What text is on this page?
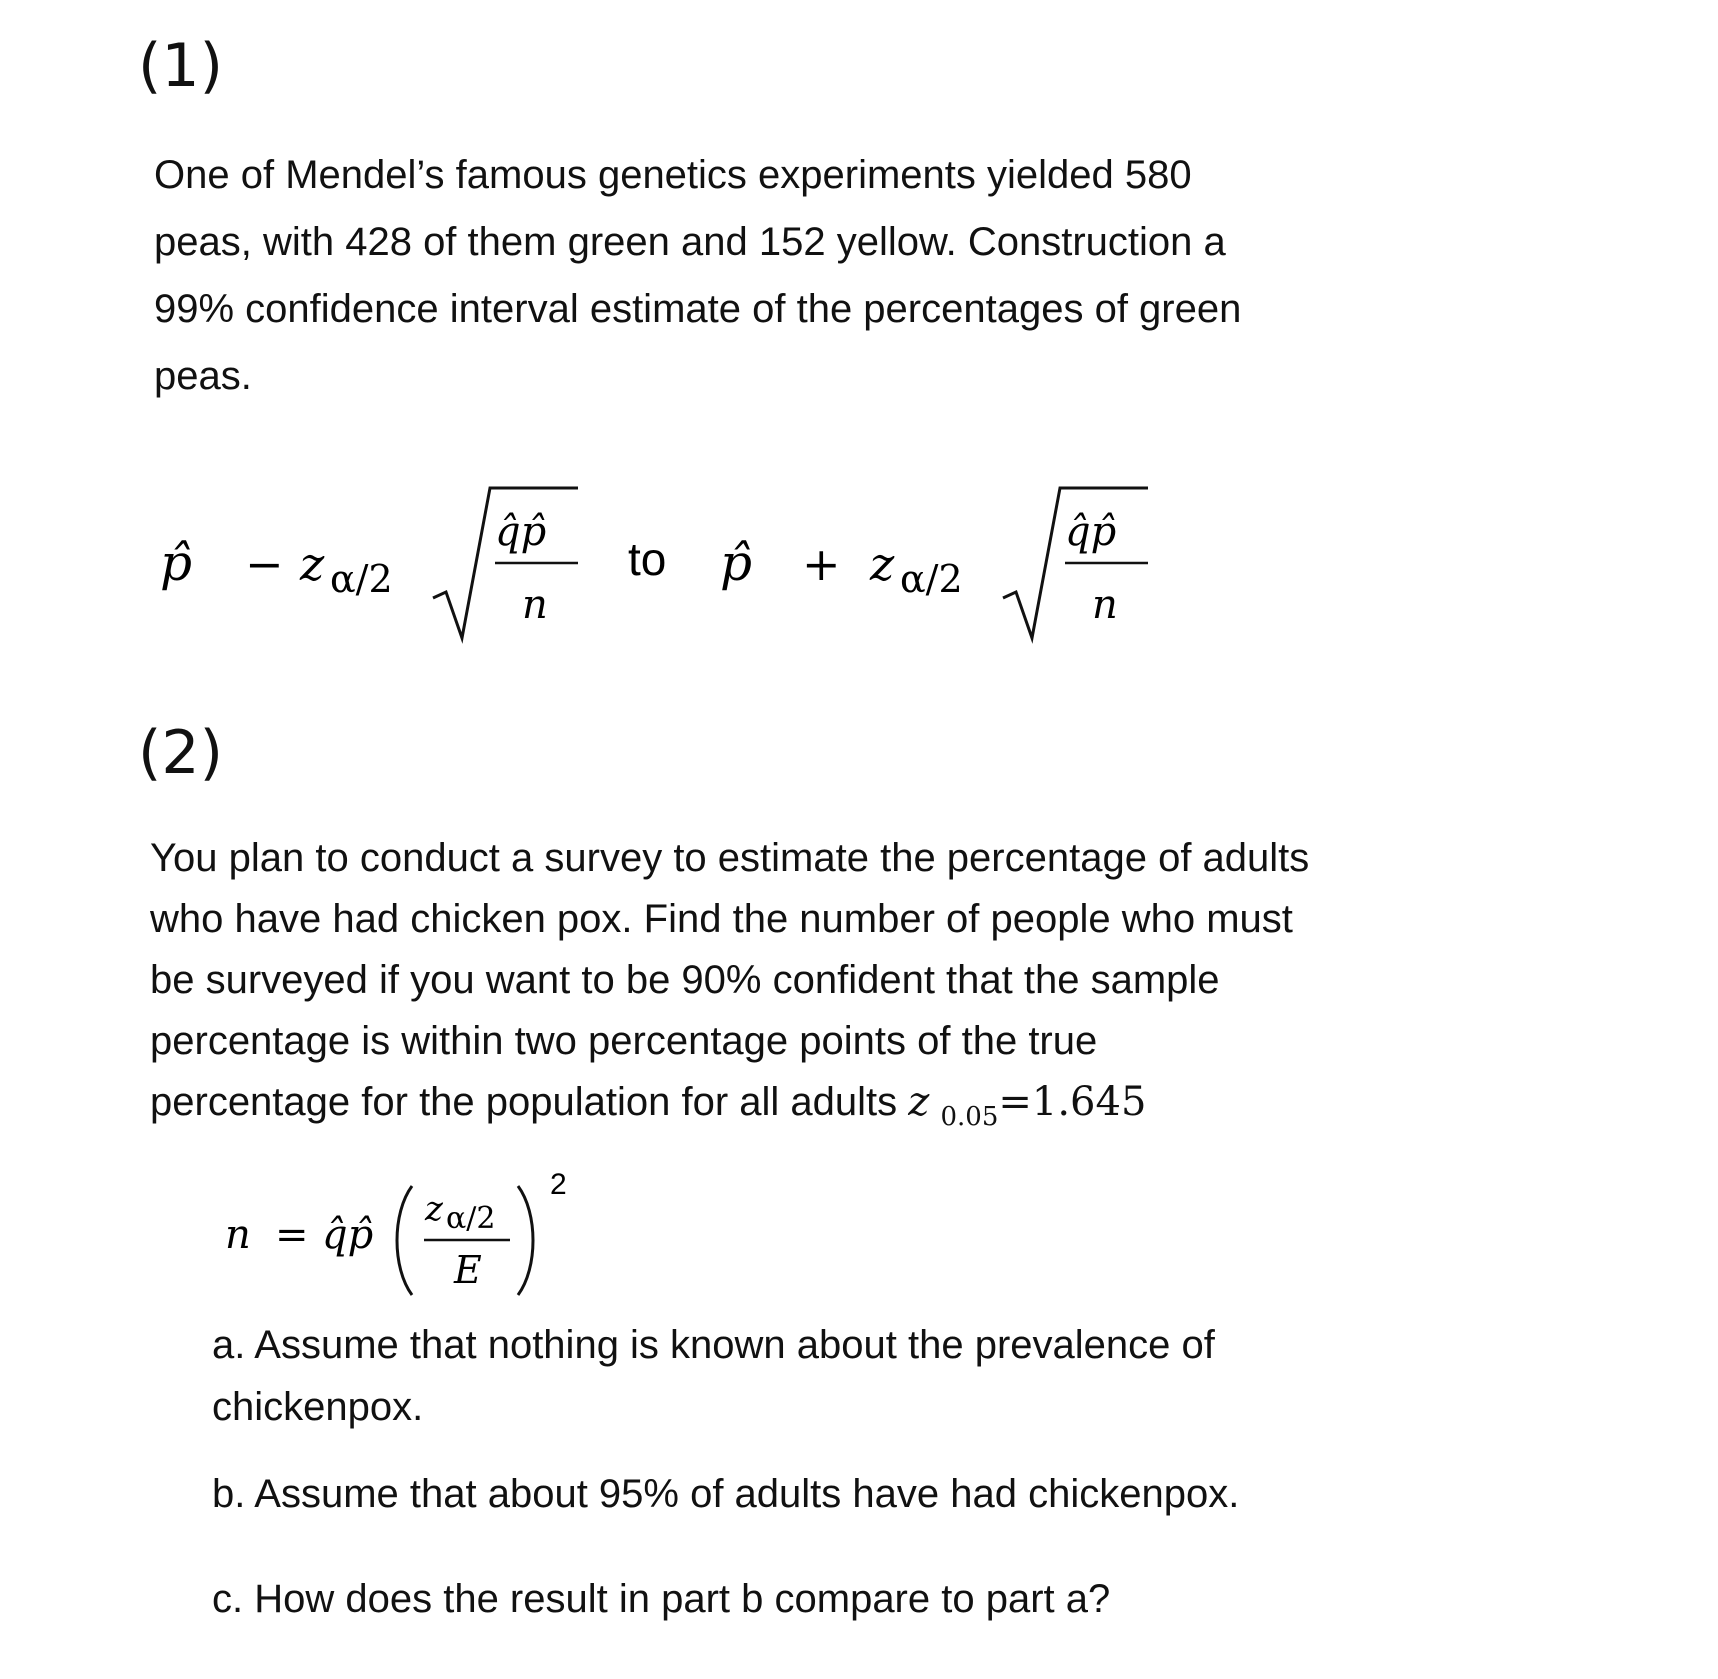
(1)
One of Mendel’s famous genetics experiments yielded 580
peas, with 428 of them green and 152 yellow. Construction a
99% confidence interval estimate of the percentages of green
peas.
p̂ − z α/2
q̂p̂
n
to p̂ + z α/2
q̂p̂
n
(2)
You plan to conduct a survey to estimate the percentage of adults
who have had chicken pox. Find the number of people who must
be surveyed if you want to be 90% confident that the sample
percentage is within two percentage points of the true
percentage for the population for all adults z $_{0.05}$=1.645
n = q̂p̂
z α/2
E
2
a. Assume that nothing is known about the prevalence of
chickenpox.
b. Assume that about 95% of adults have had chickenpox.
c. How does the result in part b compare to part a?
